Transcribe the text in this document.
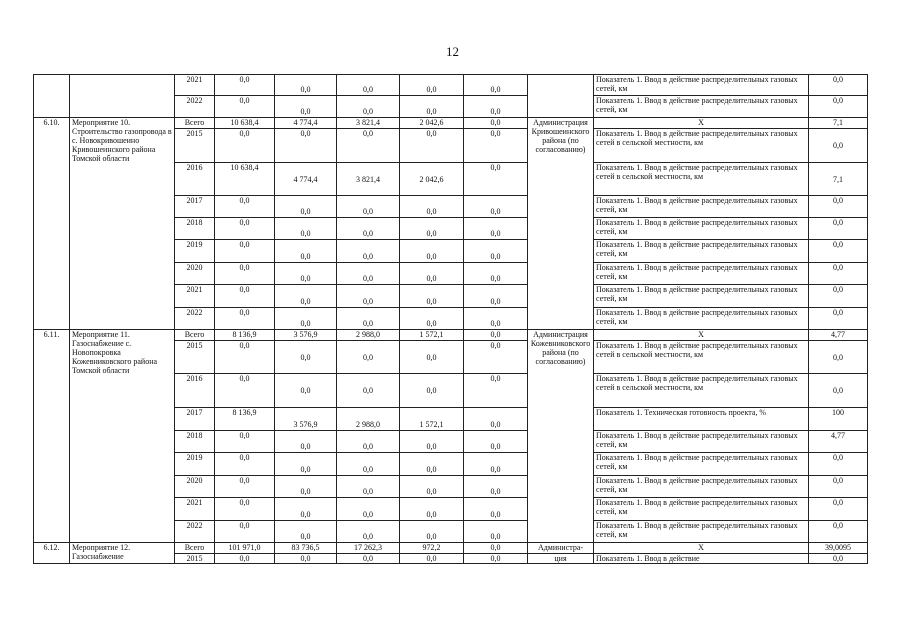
12
		2021	0,0	0,0	0,0	0,0	0,0		Показатель 1. Ввод в действие распределительных газовых сетей, км	0,0
		2022	0,0	0,0	0,0	0,0	0,0		Показатель 1. Ввод в действие распределительных газовых сетей, км	0,0
6.10.	Мероприятие 10. Строительство газопровода в с. Новокривошеино Кривошеинского района Томской области	Всего	10 638,4	4 774,4	3 821,4	2 042,6	0,0	Администрация Кривошеинского района (по согласованию)	X	7,1
		2015	0,0	0,0	0,0	0,0	0,0		Показатель 1. Ввод в действие распределительных газовых сетей в сельской местности, км	0,0
		2016	10 638,4	4 774,4	3 821,4	2 042,6	0,0		Показатель 1. Ввод в действие распределительных газовых сетей в сельской местности, км	7,1
		2017	0,0	0,0	0,0	0,0	0,0		Показатель 1. Ввод в действие распределительных газовых сетей, км	0,0
		2018	0,0	0,0	0,0	0,0	0,0		Показатель 1. Ввод в действие распределительных газовых сетей, км	0,0
		2019	0,0	0,0	0,0	0,0	0,0		Показатель 1. Ввод в действие распределительных газовых сетей, км	0,0
		2020	0,0	0,0	0,0	0,0	0,0		Показатель 1. Ввод в действие распределительных газовых сетей, км	0,0
		2021	0,0	0,0	0,0	0,0	0,0		Показатель 1. Ввод в действие распределительных газовых сетей, км	0,0
		2022	0,0	0,0	0,0	0,0	0,0		Показатель 1. Ввод в действие распределительных газовых сетей, км	0,0
6.11.	Мероприятие 11. Газоснабжение с. Новопокровка Кожевниковского района Томской области	Всего	8 136,9	3 576,9	2 988,0	1 572,1	0,0	Администрация Кожевниковского района (по согласованию)	X	4,77
		2015	0,0	0,0	0,0	0,0	0,0		Показатель 1. Ввод в действие распределительных газовых сетей в сельской местности, км	0,0
		2016	0,0	0,0	0,0	0,0	0,0		Показатель 1. Ввод в действие распределительных газовых сетей в сельской местности, км	0,0
		2017	8 136,9	3 576,9	2 988,0	1 572,1	0,0		Показатель 1. Техническая готовность проекта, %	100
		2018	0,0	0,0	0,0	0,0	0,0		Показатель 1. Ввод в действие распределительных газовых сетей, км	4,77
		2019	0,0	0,0	0,0	0,0	0,0		Показатель 1. Ввод в действие распределительных газовых сетей, км	0,0
		2020	0,0	0,0	0,0	0,0	0,0		Показатель 1. Ввод в действие распределительных газовых сетей, км	0,0
		2021	0,0	0,0	0,0	0,0	0,0		Показатель 1. Ввод в действие распределительных газовых сетей, км	0,0
		2022	0,0	0,0	0,0	0,0	0,0		Показатель 1. Ввод в действие распределительных газовых сетей, км	0,0
6.12.	Мероприятие 12. Газоснабжение	Всего	101 971,0	83 736,5	17 262,3	972,2	0,0	Администра-	X	39,0095
		2015	0,0	0,0	0,0	0,0	0,0	ция	Показатель 1. Ввод в действие	0,0
